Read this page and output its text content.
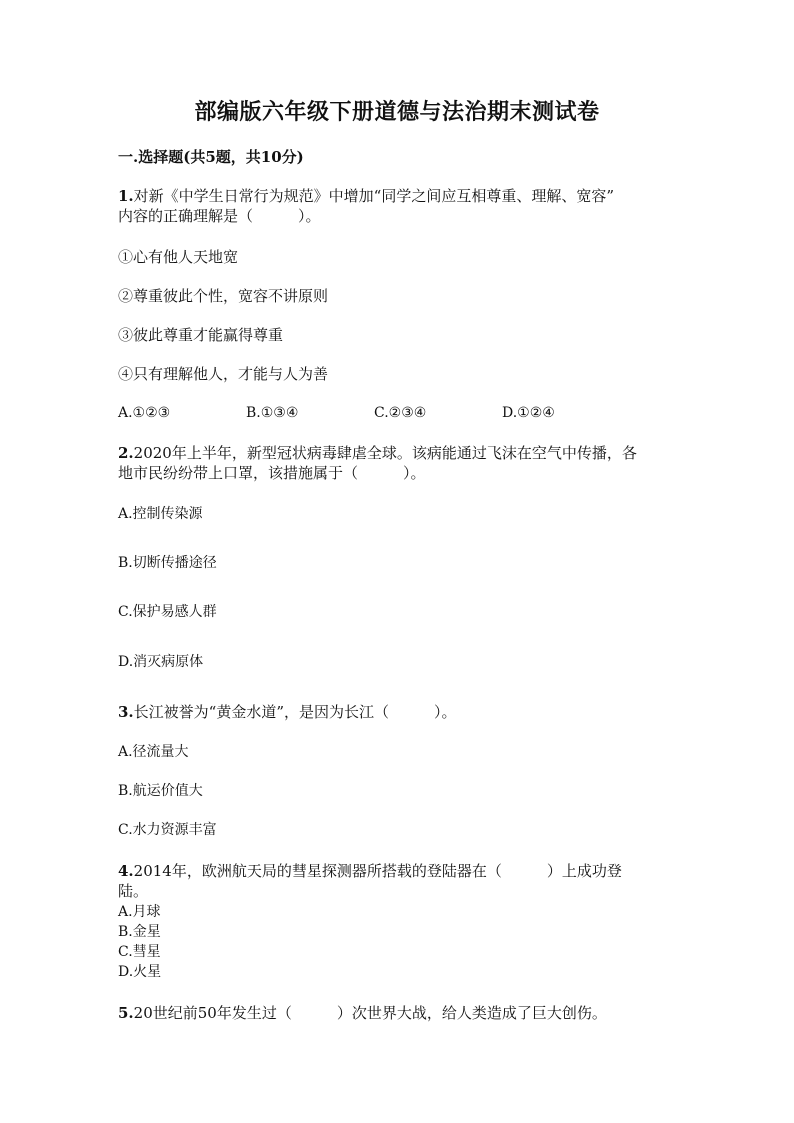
部编版六年级下册道德与法治期末测试卷
一.选择题(共5题，共10分)
1.对新《中学生日常行为规范》中增加“同学之间应互相尊重、理解、宽容”
内容的正确理解是（　　　）。
①心有他人天地宽
②尊重彼此个性，宽容不讲原则
③彼此尊重才能赢得尊重
④只有理解他人，才能与人为善
A.①②③	B.①③④	C.②③④	D.①②④
2.2020年上半年，新型冠状病毒肆虐全球。该病能通过飞沫在空气中传播，各
地市民纷纷带上口罩，该措施属于（　　　）。
A.控制传染源
B.切断传播途径
C.保护易感人群
D.消灭病原体
3.长江被誉为“黄金水道”，是因为长江（　　　）。
A.径流量大
B.航运价值大
C.水力资源丰富
4.2014年，欧洲航天局的彗星探测器所搭载的登陆器在（　　　）上成功登
陆。
A.月球
B.金星
C.彗星
D.火星
5.20世纪前50年发生过（　　　）次世界大战，给人类造成了巨大创伤。
